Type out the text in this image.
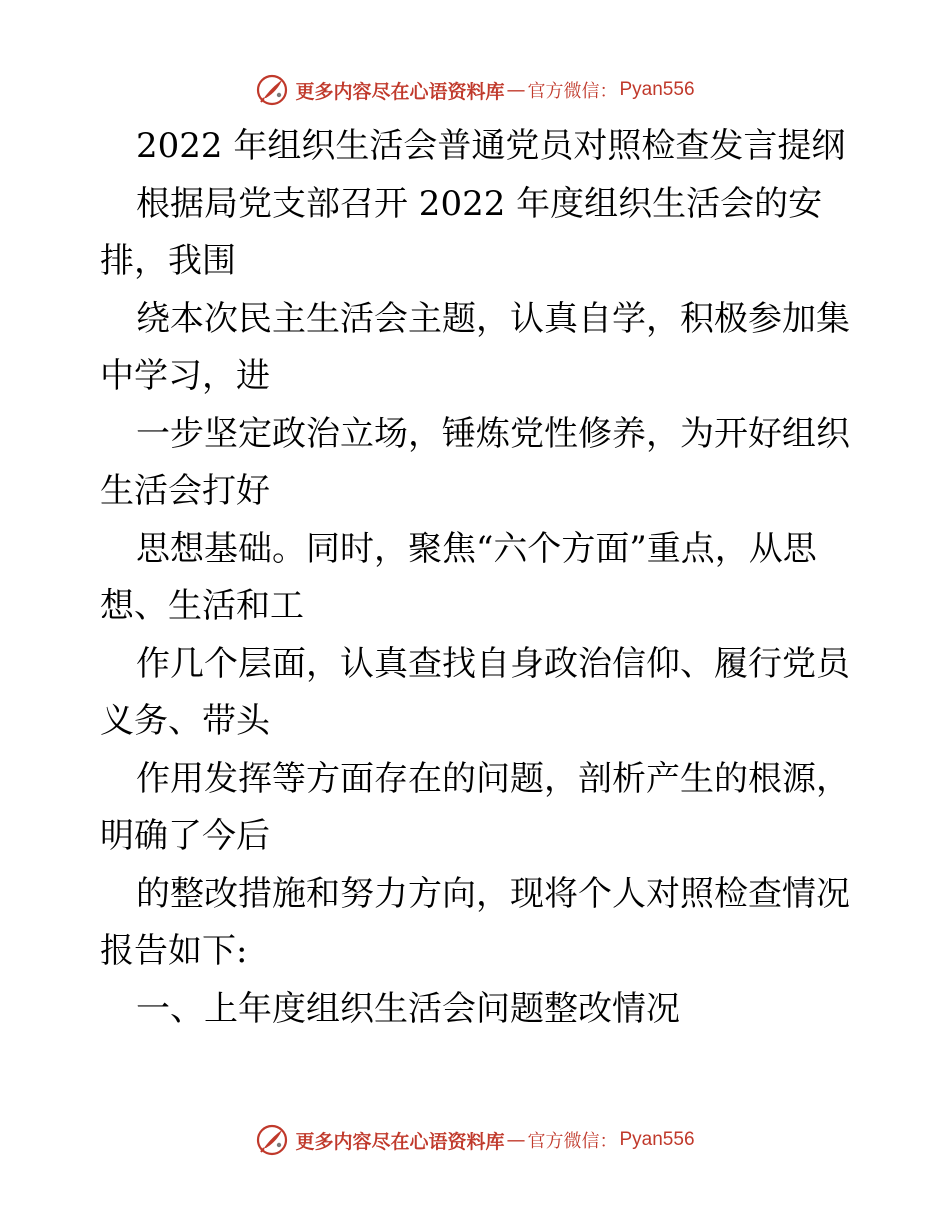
更多内容尽在心语资料库 — 官方微信： Pyan556
2022 年组织生活会普通党员对照检查发言提纲
根据局党支部召开 2022 年度组织生活会的安
排，我围
绕本次民主生活会主题，认真自学，积极参加集
中学习，进
一步坚定政治立场，锤炼党性修养，为开好组织
生活会打好
思想基础。同时，聚焦“六个方面”重点，从思
想、生活和工
作几个层面，认真查找自身政治信仰、履行党员
义务、带头
作用发挥等方面存在的问题，剖析产生的根源，
明确了今后
的整改措施和努力方向，现将个人对照检查情况
报告如下:
一、上年度组织生活会问题整改情况
更多内容尽在心语资料库 — 官方微信： Pyan556
